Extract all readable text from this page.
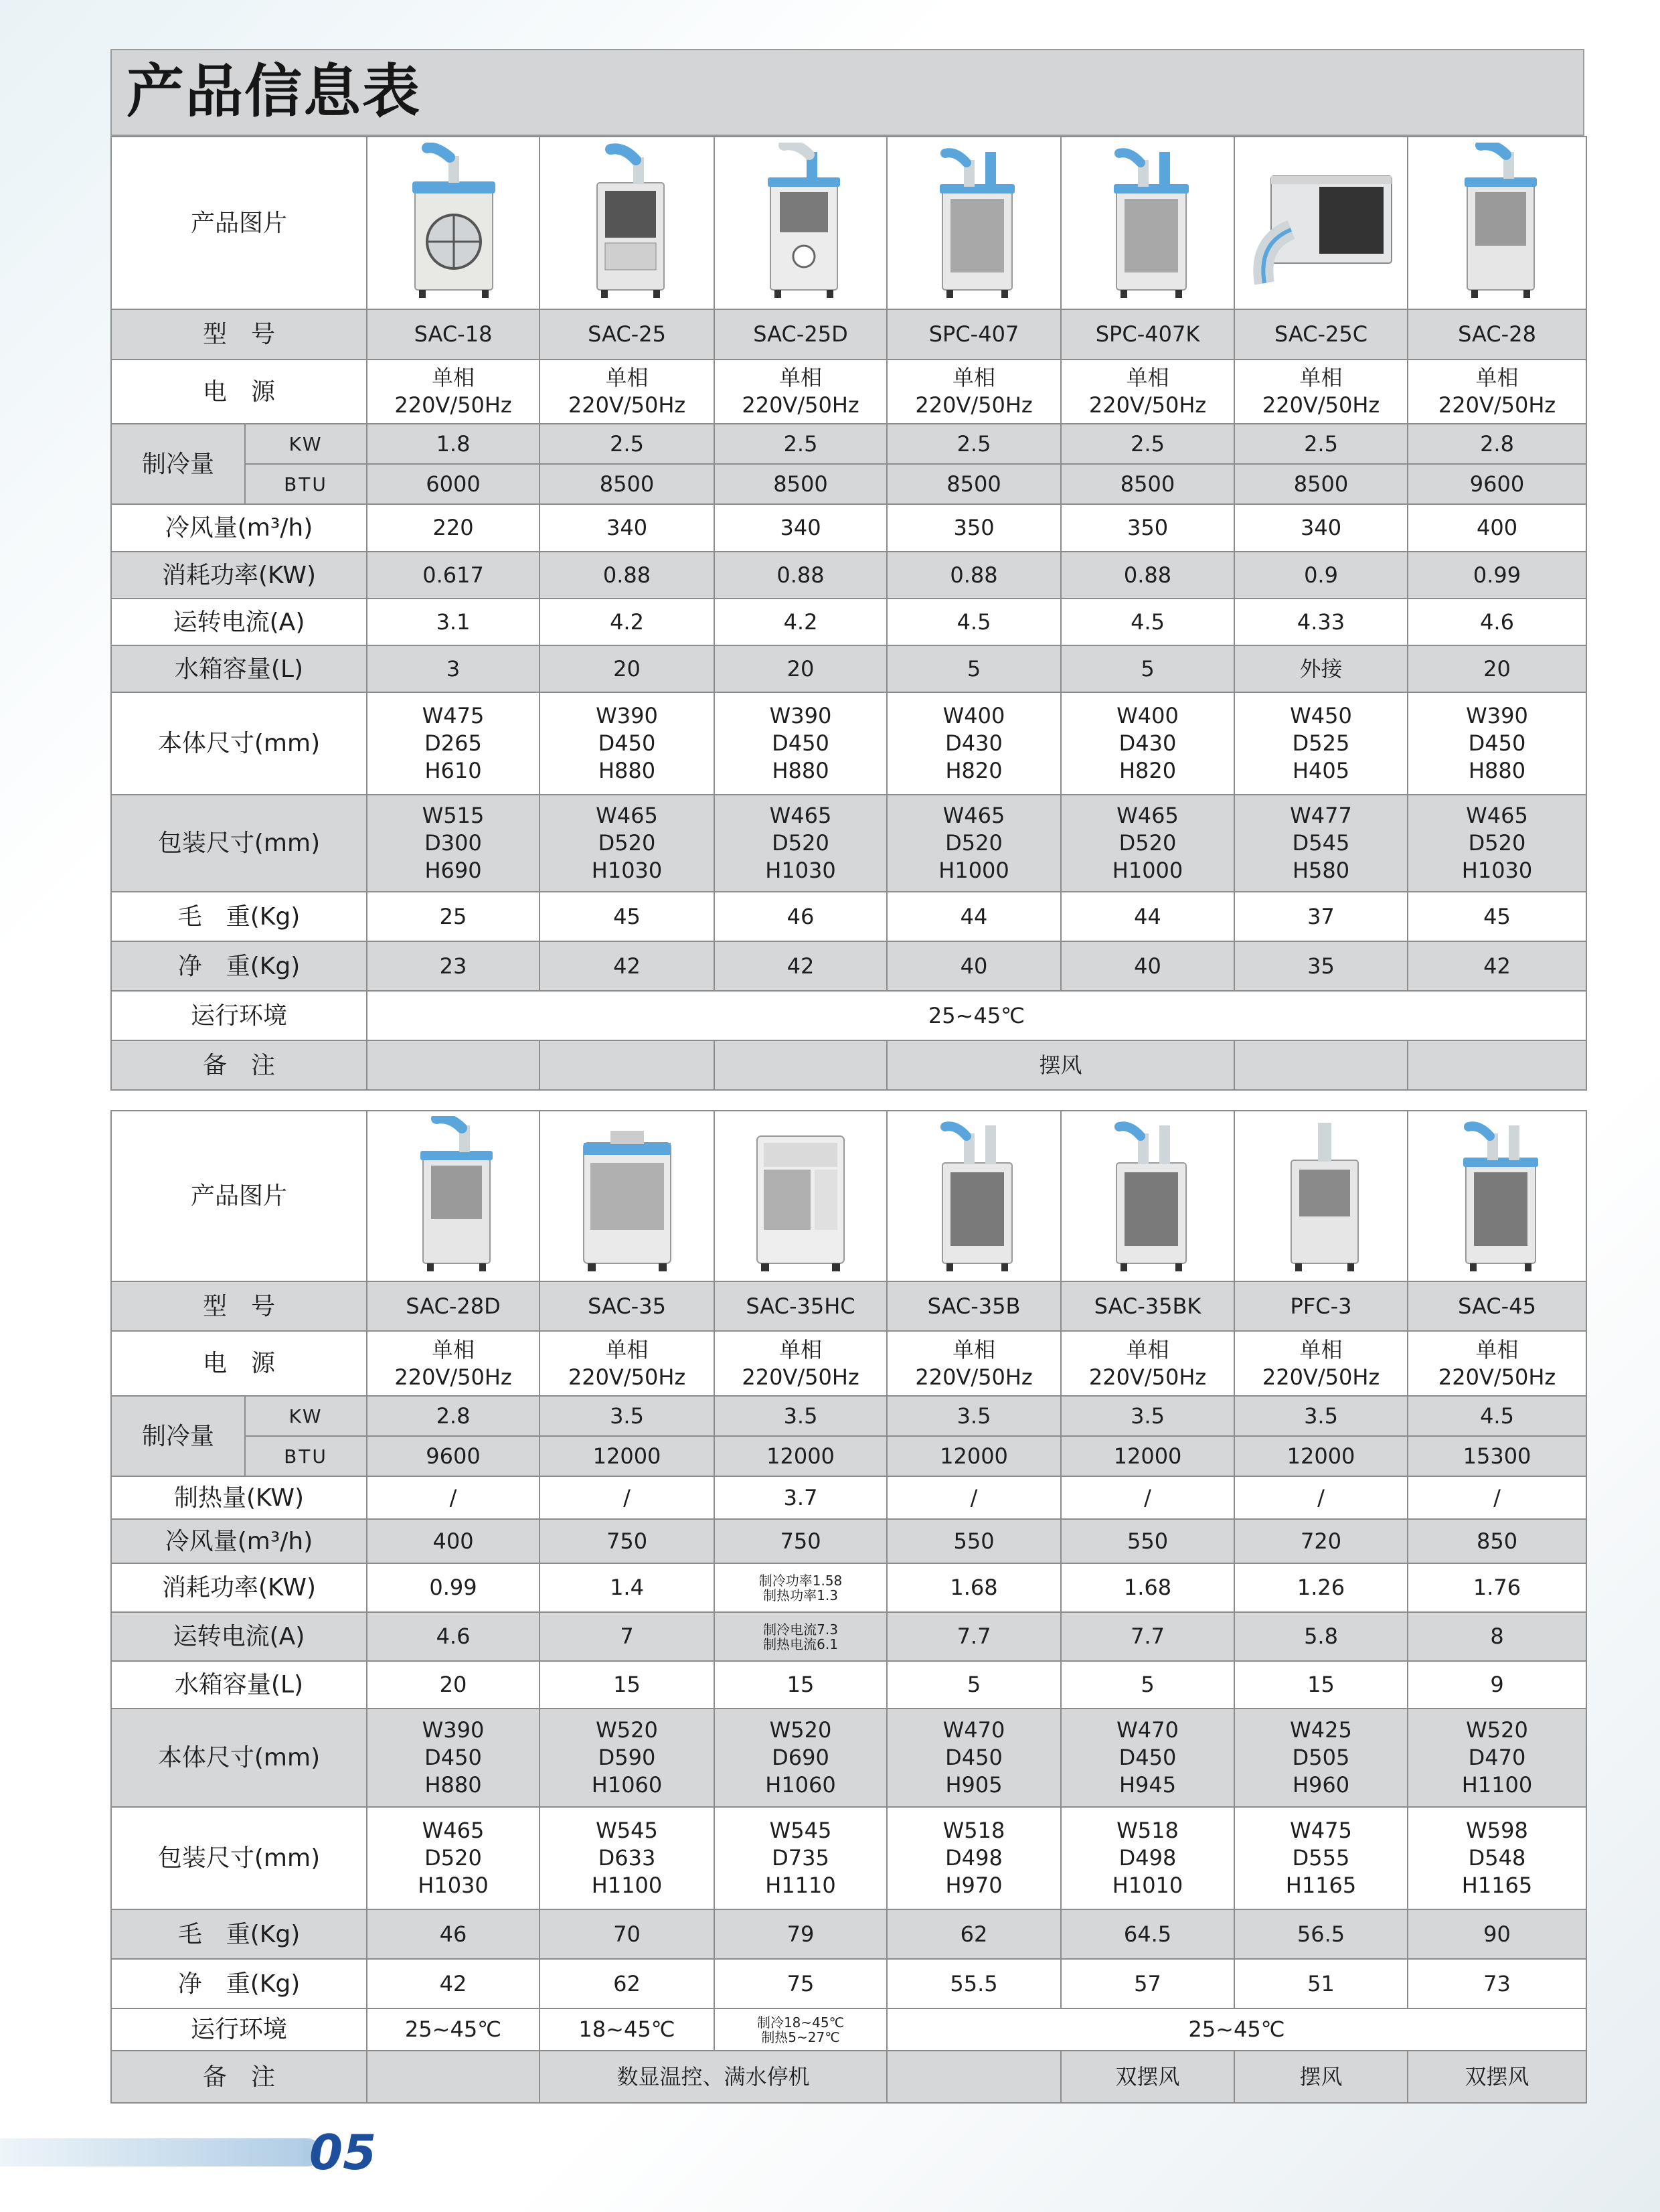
产品信息表
产品图片	

型　号		SAC-18	SAC-25	SAC-25D	SPC-407	SPC-407K	SAC-25C	SAC-28
电　源		单相
220V/50Hz	单相
220V/50Hz	单相
220V/50Hz	单相
220V/50Hz	单相
220V/50Hz	单相
220V/50Hz	单相
220V/50Hz
制冷量	KW	1.8	2.5	2.5	2.5	2.5	2.5	2.8
	BTU	6000	8500	8500	8500	8500	8500	9600
冷风量(m³/h)		220	340	340	350	350	340	400
消耗功率(KW)		0.617	0.88	0.88	0.88	0.88	0.9	0.99
运转电流(A)		3.1	4.2	4.2	4.5	4.5	4.33	4.6
水箱容量(L)		3	20	20	5	5	外接	20
本体尺寸(mm)		W475
D265
H610	W390
D450
H880	W390
D450
H880	W400
D430
H820	W400
D430
H820	W450
D525
H405	W390
D450
H880
包装尺寸(mm)		W515
D300
H690	W465
D520
H1030	W465
D520
H1030	W465
D520
H1000	W465
D520
H1000	W477
D545
H580	W465
D520
H1030
毛　重(Kg)		25	45	46	44	44	37	45
净　重(Kg)		23	42	42	40	40	35	42
运行环境		25~45℃						
备　注					摆风			
产品图片	

型　号		SAC-28D	SAC-35	SAC-35HC	SAC-35B	SAC-35BK	PFC-3	SAC-45
电　源		单相
220V/50Hz	单相
220V/50Hz	单相
220V/50Hz	单相
220V/50Hz	单相
220V/50Hz	单相
220V/50Hz	单相
220V/50Hz
制冷量	KW	2.8	3.5	3.5	3.5	3.5	3.5	4.5
	BTU	9600	12000	12000	12000	12000	12000	15300
制热量(KW)		/	/	3.7	/	/	/	/
冷风量(m³/h)		400	750	750	550	550	720	850
消耗功率(KW)		0.99	1.4	制冷功率1.58
制热功率1.3	1.68	1.68	1.26	1.76
运转电流(A)		4.6	7	制冷电流7.3
制热电流6.1	7.7	7.7	5.8	8
水箱容量(L)		20	15	15	5	5	15	9
本体尺寸(mm)		W390
D450
H880	W520
D590
H1060	W520
D690
H1060	W470
D450
H905	W470
D450
H945	W425
D505
H960	W520
D470
H1100
包装尺寸(mm)		W465
D520
H1030	W545
D633
H1100	W545
D735
H1110	W518
D498
H970	W518
D498
H1010	W475
D555
H1165	W598
D548
H1165
毛　重(Kg)		46	70	79	62	64.5	56.5	90
净　重(Kg)		42	62	75	55.5	57	51	73
运行环境		25~45℃	18~45℃	制冷18~45℃
制热5~27℃	25~45℃			
备　注			数显温控、满水停机			双摆风	摆风	双摆风
05
